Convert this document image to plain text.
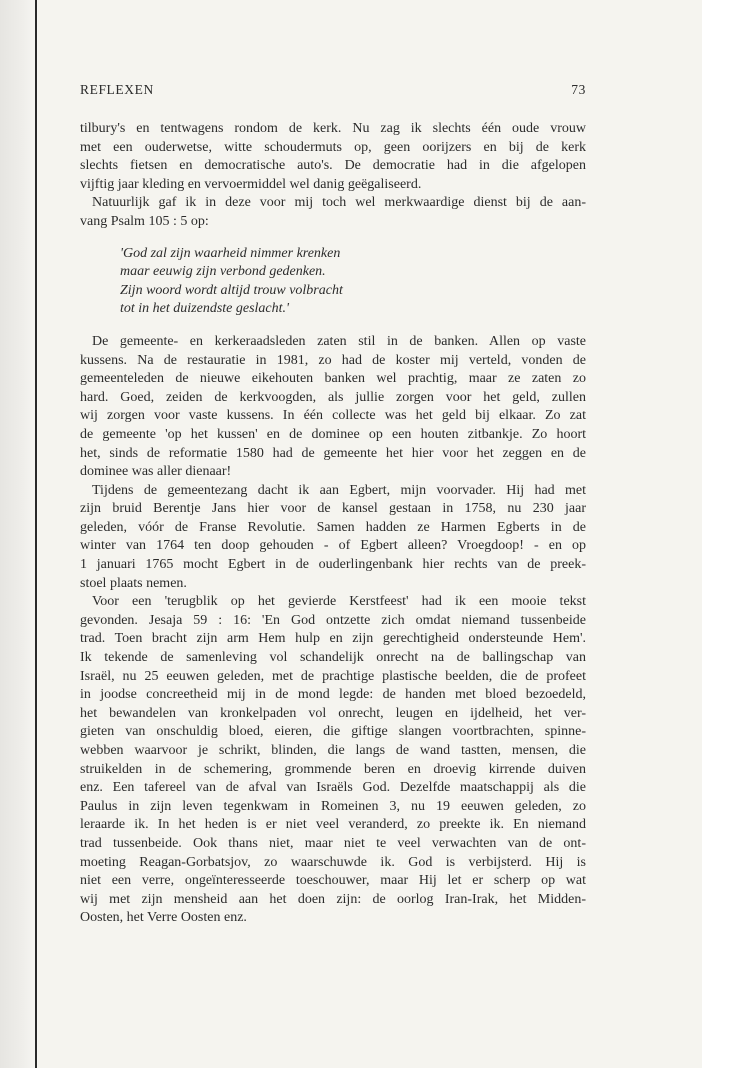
REFLEXEN	73
tilbury's en tentwagens rondom de kerk. Nu zag ik slechts één oude vrouw
met een ouderwetse, witte schoudermuts op, geen oorijzers en bij de kerk
slechts fietsen en democratische auto's. De democratie had in die afgelopen
vijftig jaar kleding en vervoermiddel wel danig geëgaliseerd.
Natuurlijk gaf ik in deze voor mij toch wel merkwaardige dienst bij de aan-
vang Psalm 105 : 5 op:
'God zal zijn waarheid nimmer krenken
maar eeuwig zijn verbond gedenken.
Zijn woord wordt altijd trouw volbracht
tot in het duizendste geslacht.'
De gemeente- en kerkeraadsleden zaten stil in de banken. Allen op vaste
kussens. Na de restauratie in 1981, zo had de koster mij verteld, vonden de
gemeenteleden de nieuwe eikehouten banken wel prachtig, maar ze zaten zo
hard. Goed, zeiden de kerkvoogden, als jullie zorgen voor het geld, zullen
wij zorgen voor vaste kussens. In één collecte was het geld bij elkaar. Zo zat
de gemeente 'op het kussen' en de dominee op een houten zitbankje. Zo hoort
het, sinds de reformatie 1580 had de gemeente het hier voor het zeggen en de
dominee was aller dienaar!
Tijdens de gemeentezang dacht ik aan Egbert, mijn voorvader. Hij had met
zijn bruid Berentje Jans hier voor de kansel gestaan in 1758, nu 230 jaar
geleden, vóór de Franse Revolutie. Samen hadden ze Harmen Egberts in de
winter van 1764 ten doop gehouden - of Egbert alleen? Vroegdoop! - en op
1 januari 1765 mocht Egbert in de ouderlingenbank hier rechts van de preek-
stoel plaats nemen.
Voor een 'terugblik op het gevierde Kerstfeest' had ik een mooie tekst
gevonden. Jesaja 59 : 16: 'En God ontzette zich omdat niemand tussenbeide
trad. Toen bracht zijn arm Hem hulp en zijn gerechtigheid ondersteunde Hem'.
Ik tekende de samenleving vol schandelijk onrecht na de ballingschap van
Israël, nu 25 eeuwen geleden, met de prachtige plastische beelden, die de profeet
in joodse concreetheid mij in de mond legde: de handen met bloed bezoedeld,
het bewandelen van kronkelpaden vol onrecht, leugen en ijdelheid, het ver-
gieten van onschuldig bloed, eieren, die giftige slangen voortbrachten, spinne-
webben waarvoor je schrikt, blinden, die langs de wand tastten, mensen, die
struikelden in de schemering, grommende beren en droevig kirrende duiven
enz. Een tafereel van de afval van Israëls God. Dezelfde maatschappij als die
Paulus in zijn leven tegenkwam in Romeinen 3, nu 19 eeuwen geleden, zo
leraarde ik. In het heden is er niet veel veranderd, zo preekte ik. En niemand
trad tussenbeide. Ook thans niet, maar niet te veel verwachten van de ont-
moeting Reagan-Gorbatsjov, zo waarschuwde ik. God is verbijsterd. Hij is
niet een verre, ongeïnteresseerde toeschouwer, maar Hij let er scherp op wat
wij met zijn mensheid aan het doen zijn: de oorlog Iran-Irak, het Midden-
Oosten, het Verre Oosten enz.
